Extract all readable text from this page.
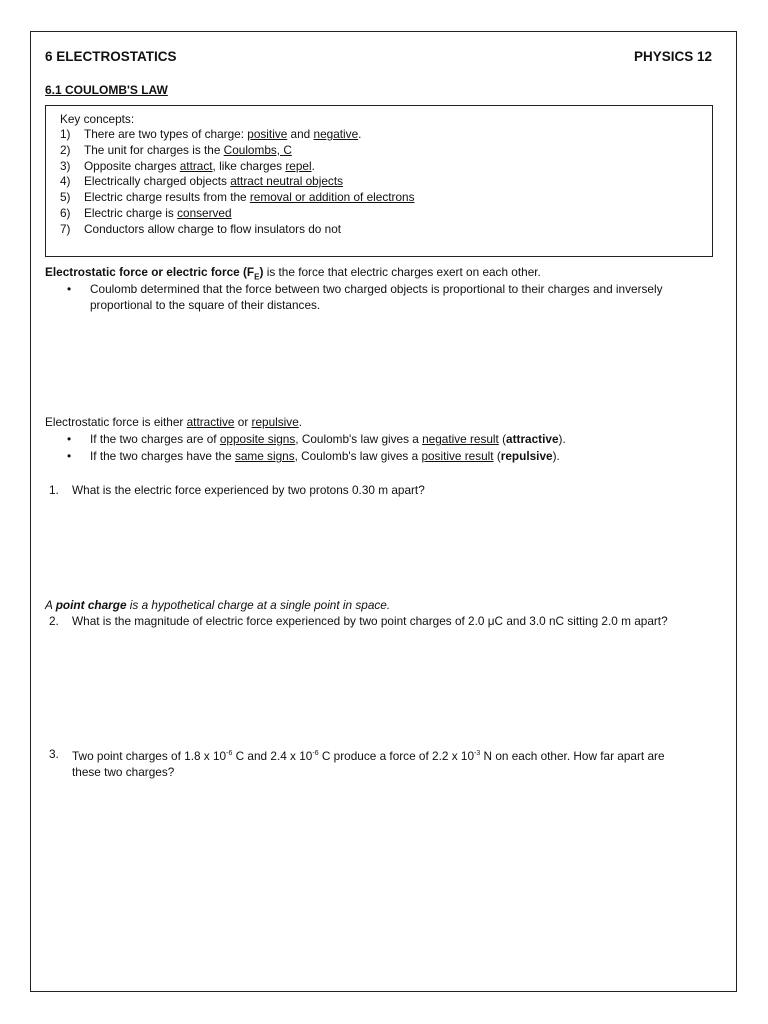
6 ELECTROSTATICS	PHYSICS 12
6.1 COULOMB'S LAW
Key concepts:
1) There are two types of charge: positive and negative.
2) The unit for charges is the Coulombs, C
3) Opposite charges attract, like charges repel.
4) Electrically charged objects attract neutral objects
5) Electric charge results from the removal or addition of electrons
6) Electric charge is conserved
7) Conductors allow charge to flow insulators do not
Electrostatic force or electric force $(F_E)$ is the force that electric charges exert on each other.
• Coulomb determined that the force between two charged objects is proportional to their charges and inversely
proportional to the square of their distances.
Electrostatic force is either attractive or repulsive.
• If the two charges are of opposite signs, Coulomb's law gives a negative result (attractive).
• If the two charges have the same signs, Coulomb's law gives a positive result (repulsive).
1. What is the electric force experienced by two protons 0.30 m apart?
A point charge is a hypothetical charge at a single point in space.
2. What is the magnitude of electric force experienced by two point charges of 2.0 μC and 3.0 nC sitting 2.0 m apart?
3. Two point charges of 1.8 x $10^{-6}$ C and 2.4 x $10^{-6}$ C produce a force of 2.2 x $10^{-3}$ N on each other. How far apart are
these two charges?
